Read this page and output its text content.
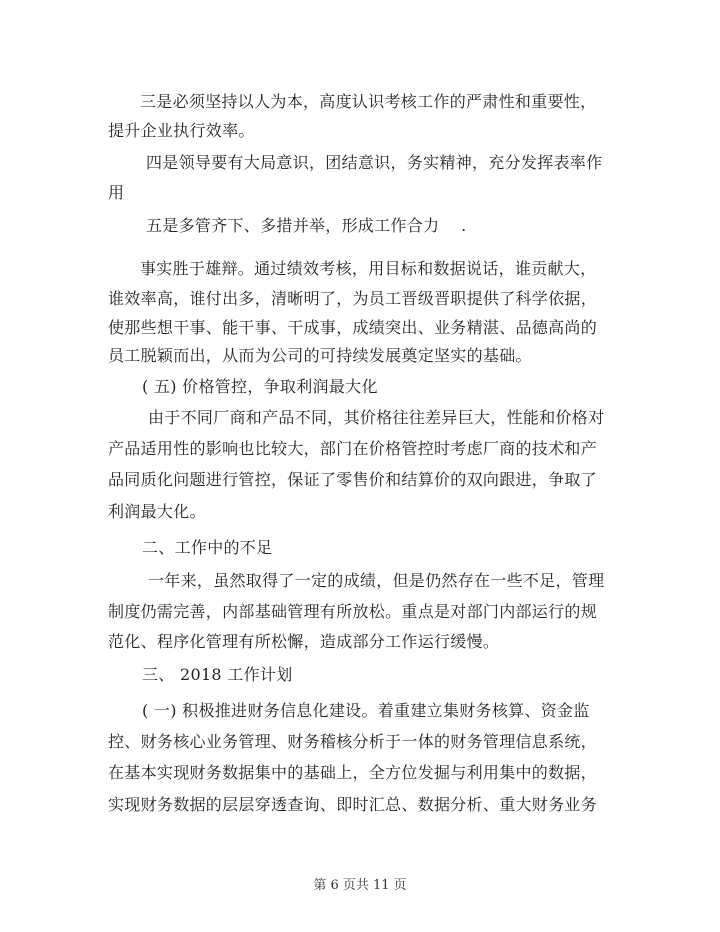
三是必须坚持以人为本，高度认识考核工作的严肃性和重要性，
提升企业执行效率。
四是领导要有大局意识，团结意识，务实精神，充分发挥表率作
用
五是多管齐下、多措并举，形成工作合力　 .
事实胜于雄辩。通过绩效考核，用目标和数据说话，谁贡献大，
谁效率高，谁付出多，清晰明了，为员工晋级晋职提供了科学依据，
使那些想干事、能干事、干成事，成绩突出、业务精湛、品德高尚的
员工脱颖而出，从而为公司的可持续发展奠定坚实的基础。
( 五) 价格管控，争取利润最大化
由于不同厂商和产品不同，其价格往往差异巨大，性能和价格对
产品适用性的影响也比较大，部门在价格管控时考虑厂商的技术和产
品同质化问题进行管控，保证了零售价和结算价的双向跟进，争取了
利润最大化。
二、工作中的不足
一年来，虽然取得了一定的成绩，但是仍然存在一些不足，管理
制度仍需完善，内部基础管理有所放松。重点是对部门内部运行的规
范化、程序化管理有所松懈，造成部分工作运行缓慢。
三、 2018 工作计划
( 一) 积极推进财务信息化建设。着重建立集财务核算、资金监
控、财务核心业务管理、财务稽核分析于一体的财务管理信息系统，
在基本实现财务数据集中的基础上，全方位发掘与利用集中的数据，
实现财务数据的层层穿透查询、即时汇总、数据分析、重大财务业务
第 6 页共 11 页
